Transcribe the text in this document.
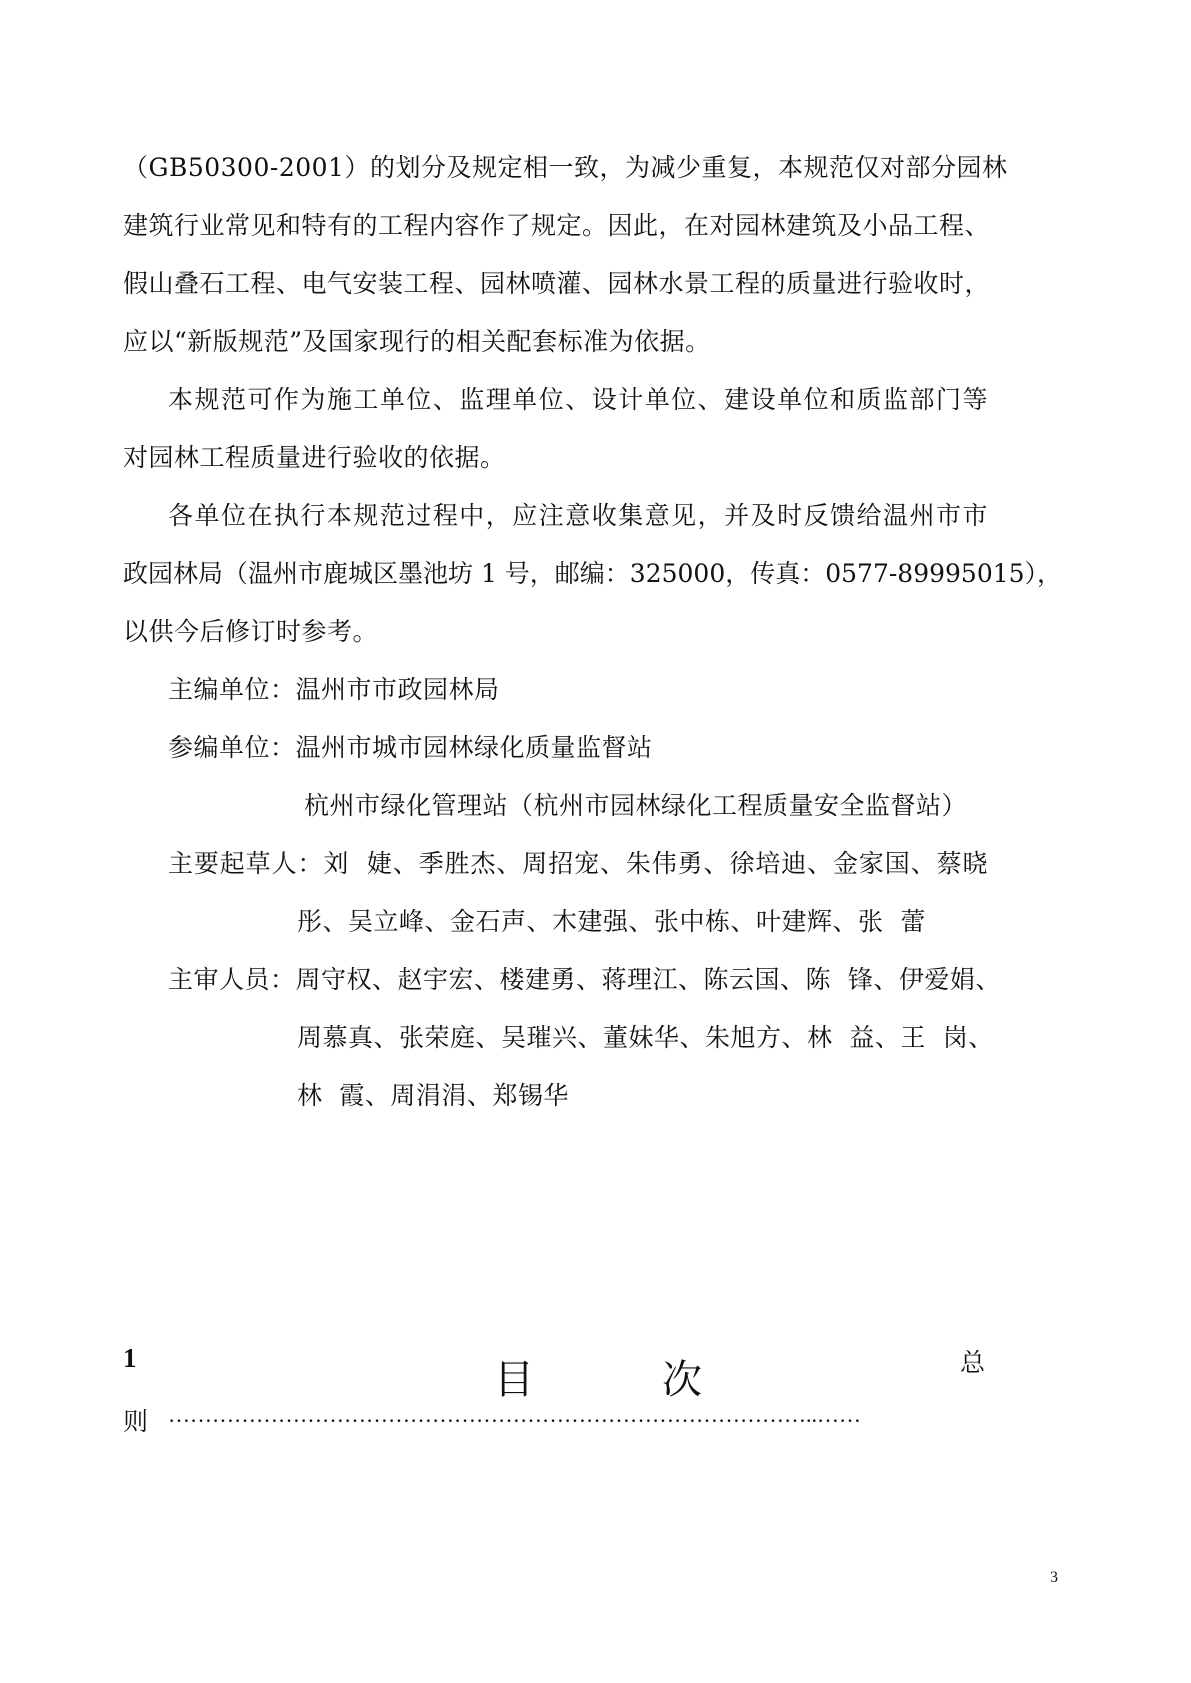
（GB50300-2001）的划分及规定相一致，为减少重复，本规范仅对部分园林
建筑行业常见和特有的工程内容作了规定。因此，在对园林建筑及小品工程、
假山叠石工程、电气安装工程、园林喷灌、园林水景工程的质量进行验收时，
应以“新版规范”及国家现行的相关配套标准为依据。
本规范可作为施工单位、监理单位、设计单位、建设单位和质监部门等
对园林工程质量进行验收的依据。
各单位在执行本规范过程中，应注意收集意见，并及时反馈给温州市市
政园林局（温州市鹿城区墨池坊 1 号，邮编：325000，传真：0577-89995015），
以供今后修订时参考。
主编单位：温州市市政园林局
参编单位：温州市城市园林绿化质量监督站
杭州市绿化管理站（杭州市园林绿化工程质量安全监督站）
主要起草人：刘  婕、季胜杰、周招宠、朱伟勇、徐培迪、金家国、蔡晓
彤、吴立峰、金石声、木建强、张中栋、叶建辉、张  蕾
主审人员：周守权、赵宇宏、楼建勇、蒋理江、陈云国、陈  锋、伊爱娟、
周慕真、张荣庭、吴璀兴、董妹华、朱旭方、林  益、王  岗、
林  霞、周涓涓、郑锡华
目	次
1	总
则 ……………………………………………………………………………..……
3
